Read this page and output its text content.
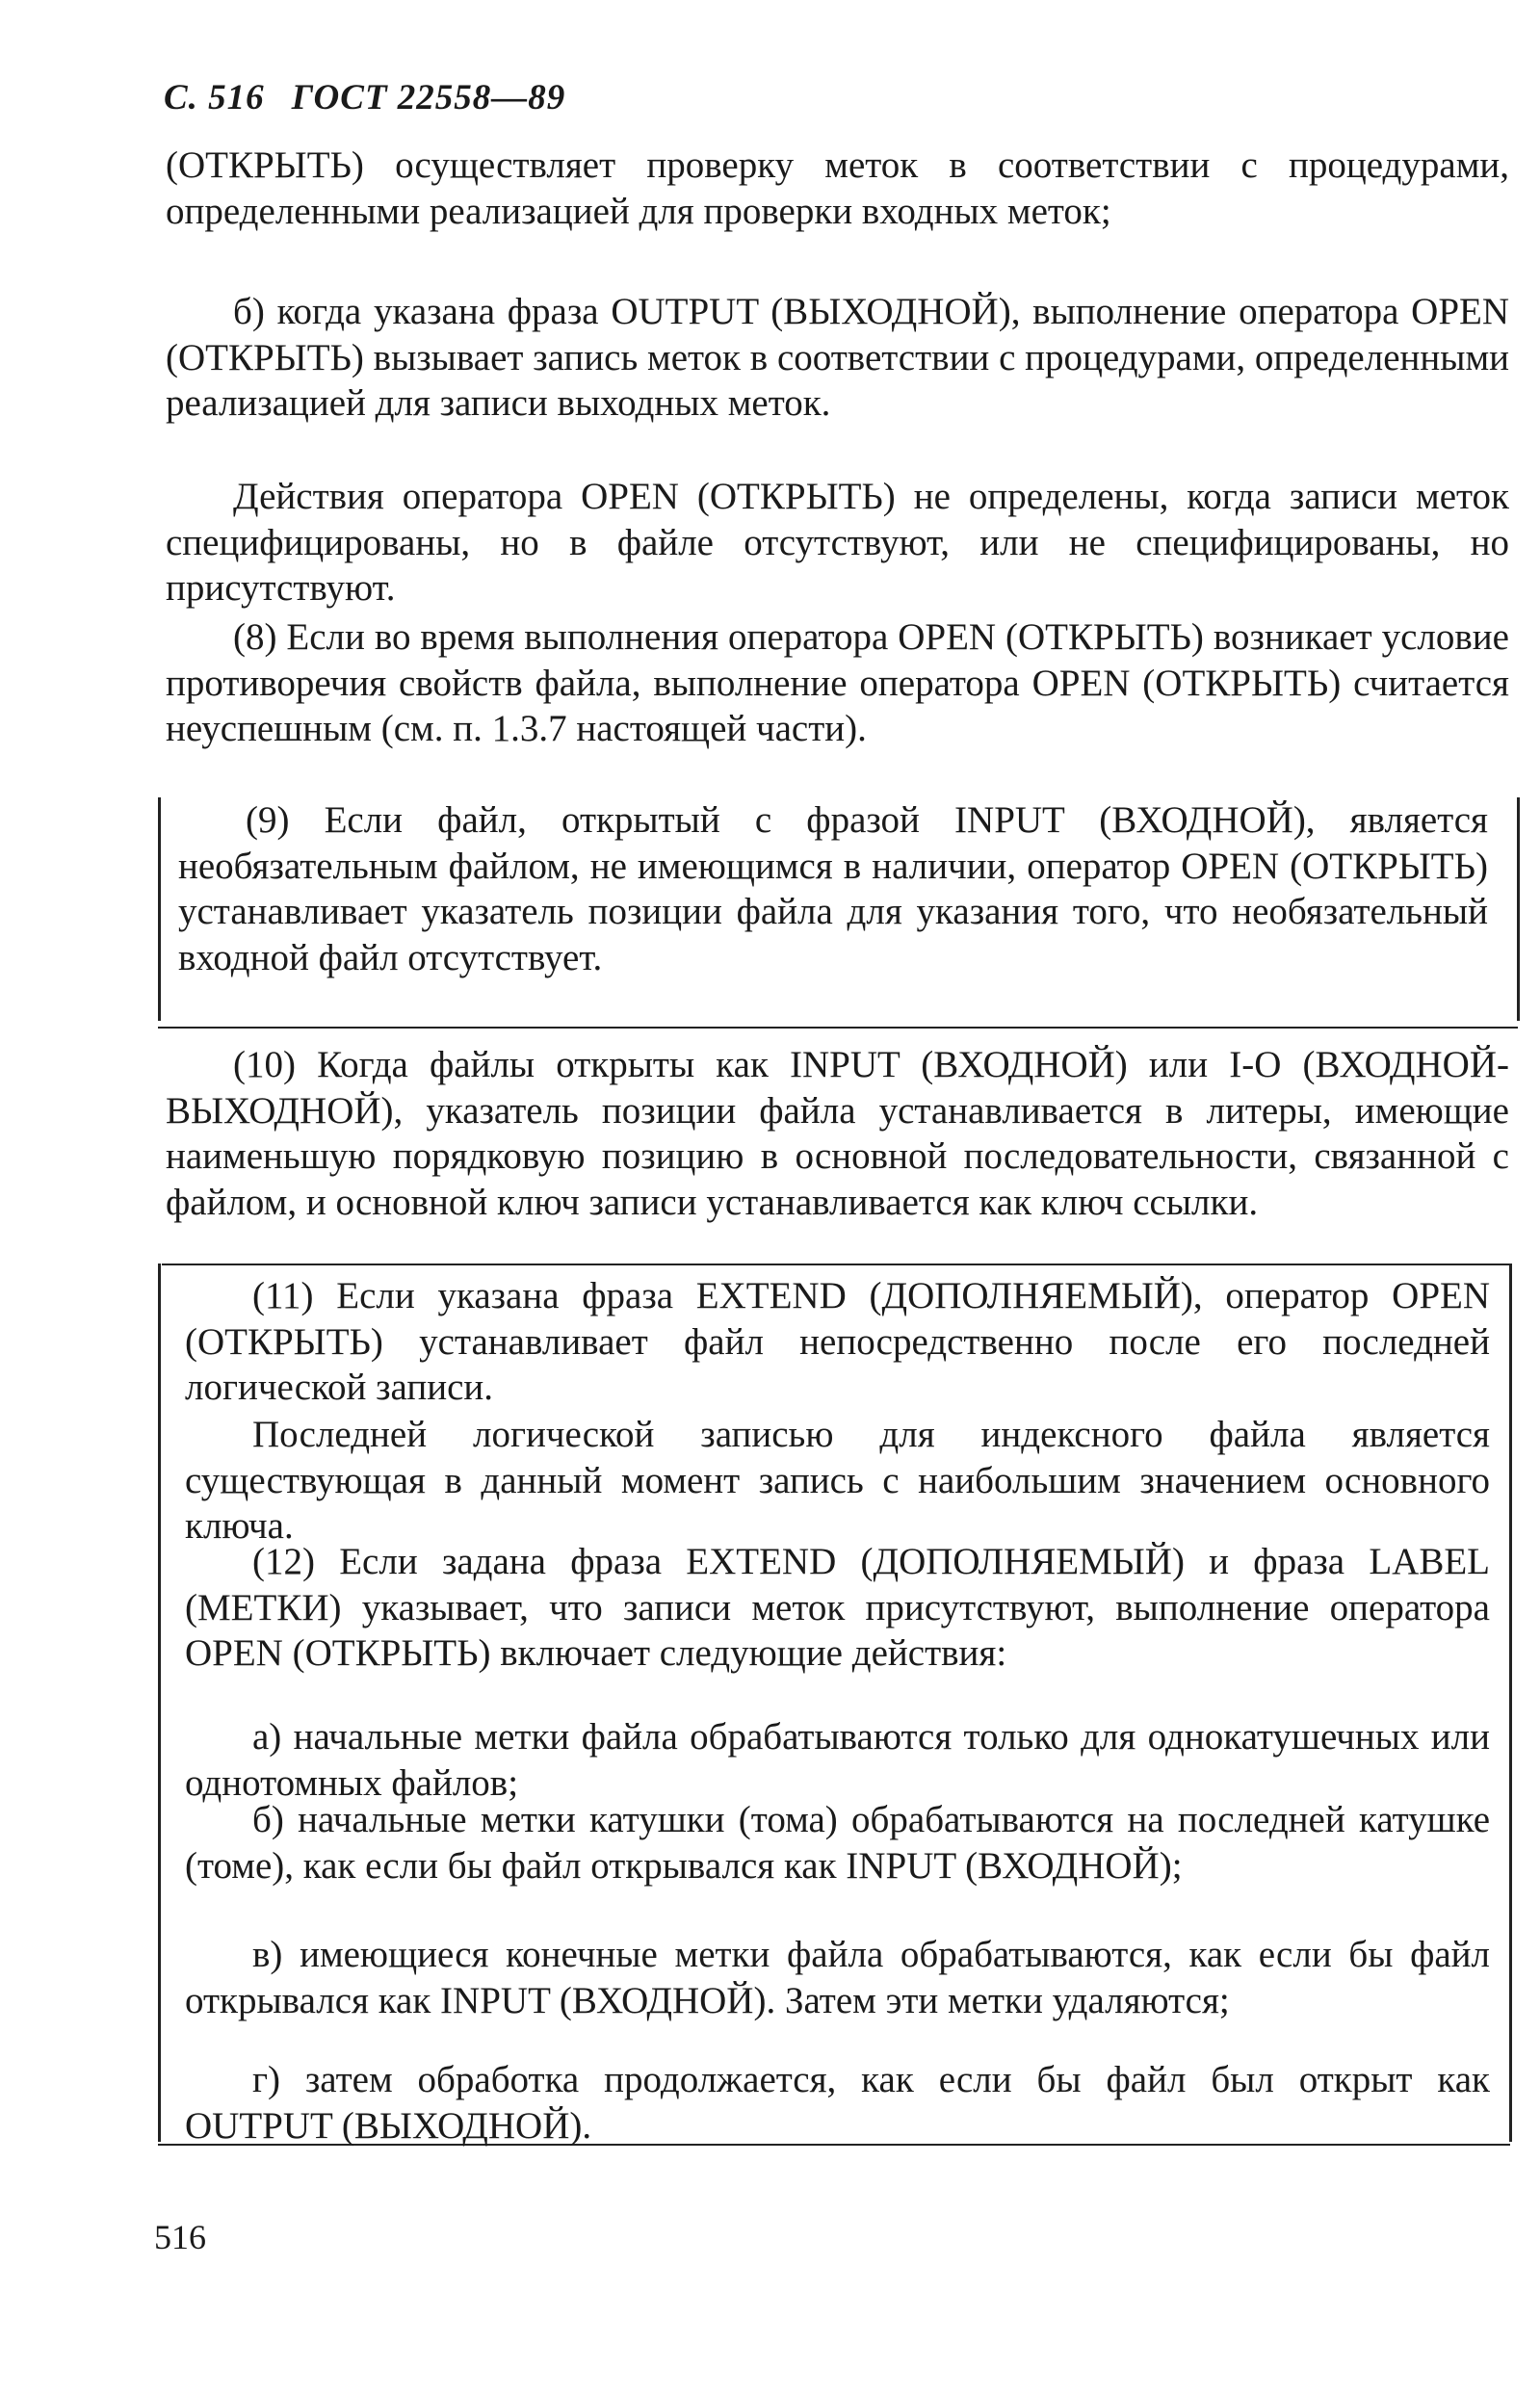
С. 516 ГОСТ 22558—89

(ОТКРЫТЬ) осуществляет проверку меток в соответствии с процедурами, определенными реализацией для проверки входных меток;

б) когда указана фраза OUTPUT (ВЫХОДНОЙ), выполнение оператора OPEN (ОТКРЫТЬ) вызывает запись меток в соответствии с процедурами, определенными реализацией для записи выходных меток.

Действия оператора OPEN (ОТКРЫТЬ) не определены, когда записи меток специфицированы, но в файле отсутствуют, или не специфицированы, но присутствуют.

(8) Если во время выполнения оператора OPEN (ОТКРЫТЬ) возникает условие противоречия свойств файла, выполнение оператора OPEN (ОТКРЫТЬ) считается неуспешным (см. п. 1.3.7 настоящей части).

(9) Если файл, открытый с фразой INPUT (ВХОДНОЙ), является необязательным файлом, не имеющимся в наличии, оператор OPEN (ОТКРЫТЬ) устанавливает указатель позиции файла для указания того, что необязательный входной файл отсутствует.

(10) Когда файлы открыты как INPUT (ВХОДНОЙ) или I-O (ВХОДНОЙ-ВЫХОДНОЙ), указатель позиции файла устанавливается в литеры, имеющие наименьшую порядковую позицию в основной последовательности, связанной с файлом, и основной ключ записи устанавливается как ключ ссылки.

(11) Если указана фраза EXTEND (ДОПОЛНЯЕМЫЙ), оператор OPEN (ОТКРЫТЬ) устанавливает файл непосредственно после его последней логической записи.

Последней логической записью для индексного файла является существующая в данный момент запись с наибольшим значением основного ключа.

(12) Если задана фраза EXTEND (ДОПОЛНЯЕМЫЙ) и фраза LABEL (МЕТКИ) указывает, что записи меток присутствуют, выполнение оператора OPEN (ОТКРЫТЬ) включает следующие действия:

а) начальные метки файла обрабатываются только для однокатушечных или однотомных файлов;

б) начальные метки катушки (тома) обрабатываются на последней катушке (томе), как если бы файл открывался как INPUT (ВХОДНОЙ);

в) имеющиеся конечные метки файла обрабатываются, как если бы файл открывался как INPUT (ВХОДНОЙ). Затем эти метки удаляются;

г) затем обработка продолжается, как если бы файл был открыт как OUTPUT (ВЫХОДНОЙ).

516
